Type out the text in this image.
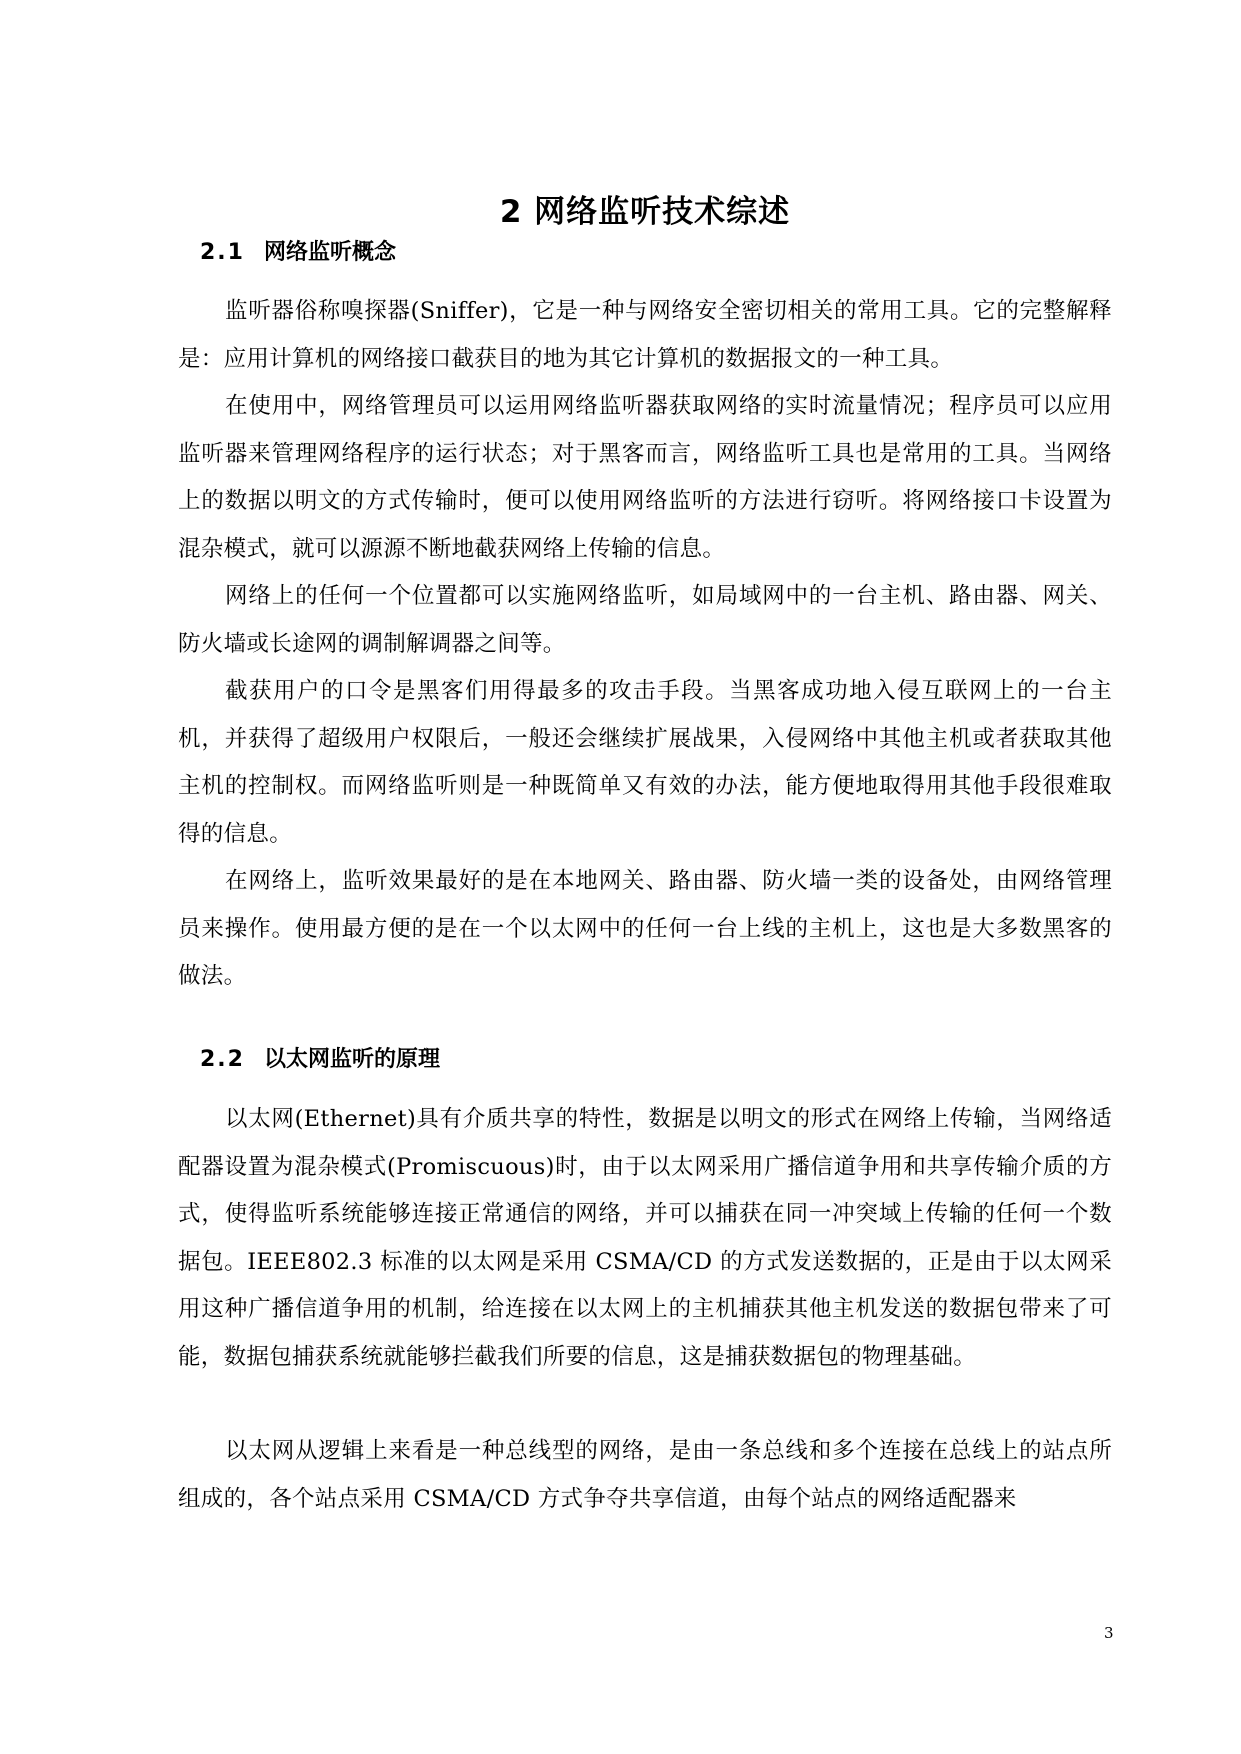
2 网络监听技术综述
2.1 网络监听概念

监听器俗称嗅探器(Sniffer)，它是一种与网络安全密切相关的常用工具。它的完整解释是：应用计算机的网络接口截获目的地为其它计算机的数据报文的一种工具。

在使用中，网络管理员可以运用网络监听器获取网络的实时流量情况；程序员可以应用监听器来管理网络程序的运行状态；对于黑客而言，网络监听工具也是常用的工具。当网络上的数据以明文的方式传输时，便可以使用网络监听的方法进行窃听。将网络接口卡设置为混杂模式，就可以源源不断地截获网络上传输的信息。

网络上的任何一个位置都可以实施网络监听，如局域网中的一台主机、路由器、网关、防火墙或长途网的调制解调器之间等。

截获用户的口令是黑客们用得最多的攻击手段。当黑客成功地入侵互联网上的一台主机，并获得了超级用户权限后，一般还会继续扩展战果，入侵网络中其他主机或者获取其他主机的控制权。而网络监听则是一种既简单又有效的办法，能方便地取得用其他手段很难取得的信息。

在网络上，监听效果最好的是在本地网关、路由器、防火墙一类的设备处，由网络管理员来操作。使用最方便的是在一个以太网中的任何一台上线的主机上，这也是大多数黑客的做法。

2.2 以太网监听的原理

以太网(Ethernet)具有介质共享的特性，数据是以明文的形式在网络上传输，当网络适配器设置为混杂模式(Promiscuous)时，由于以太网采用广播信道争用和共享传输介质的方式，使得监听系统能够连接正常通信的网络，并可以捕获在同一冲突域上传输的任何一个数据包。IEEE802.3 标准的以太网是采用 CSMA/CD 的方式发送数据的，正是由于以太网采用这种广播信道争用的机制，给连接在以太网上的主机捕获其他主机发送的数据包带来了可能，数据包捕获系统就能够拦截我们所要的信息，这是捕获数据包的物理基础。

以太网从逻辑上来看是一种总线型的网络，是由一条总线和多个连接在总线上的站点所组成的，各个站点采用 CSMA/CD 方式争夺共享信道，由每个站点的网络适配器来

3
